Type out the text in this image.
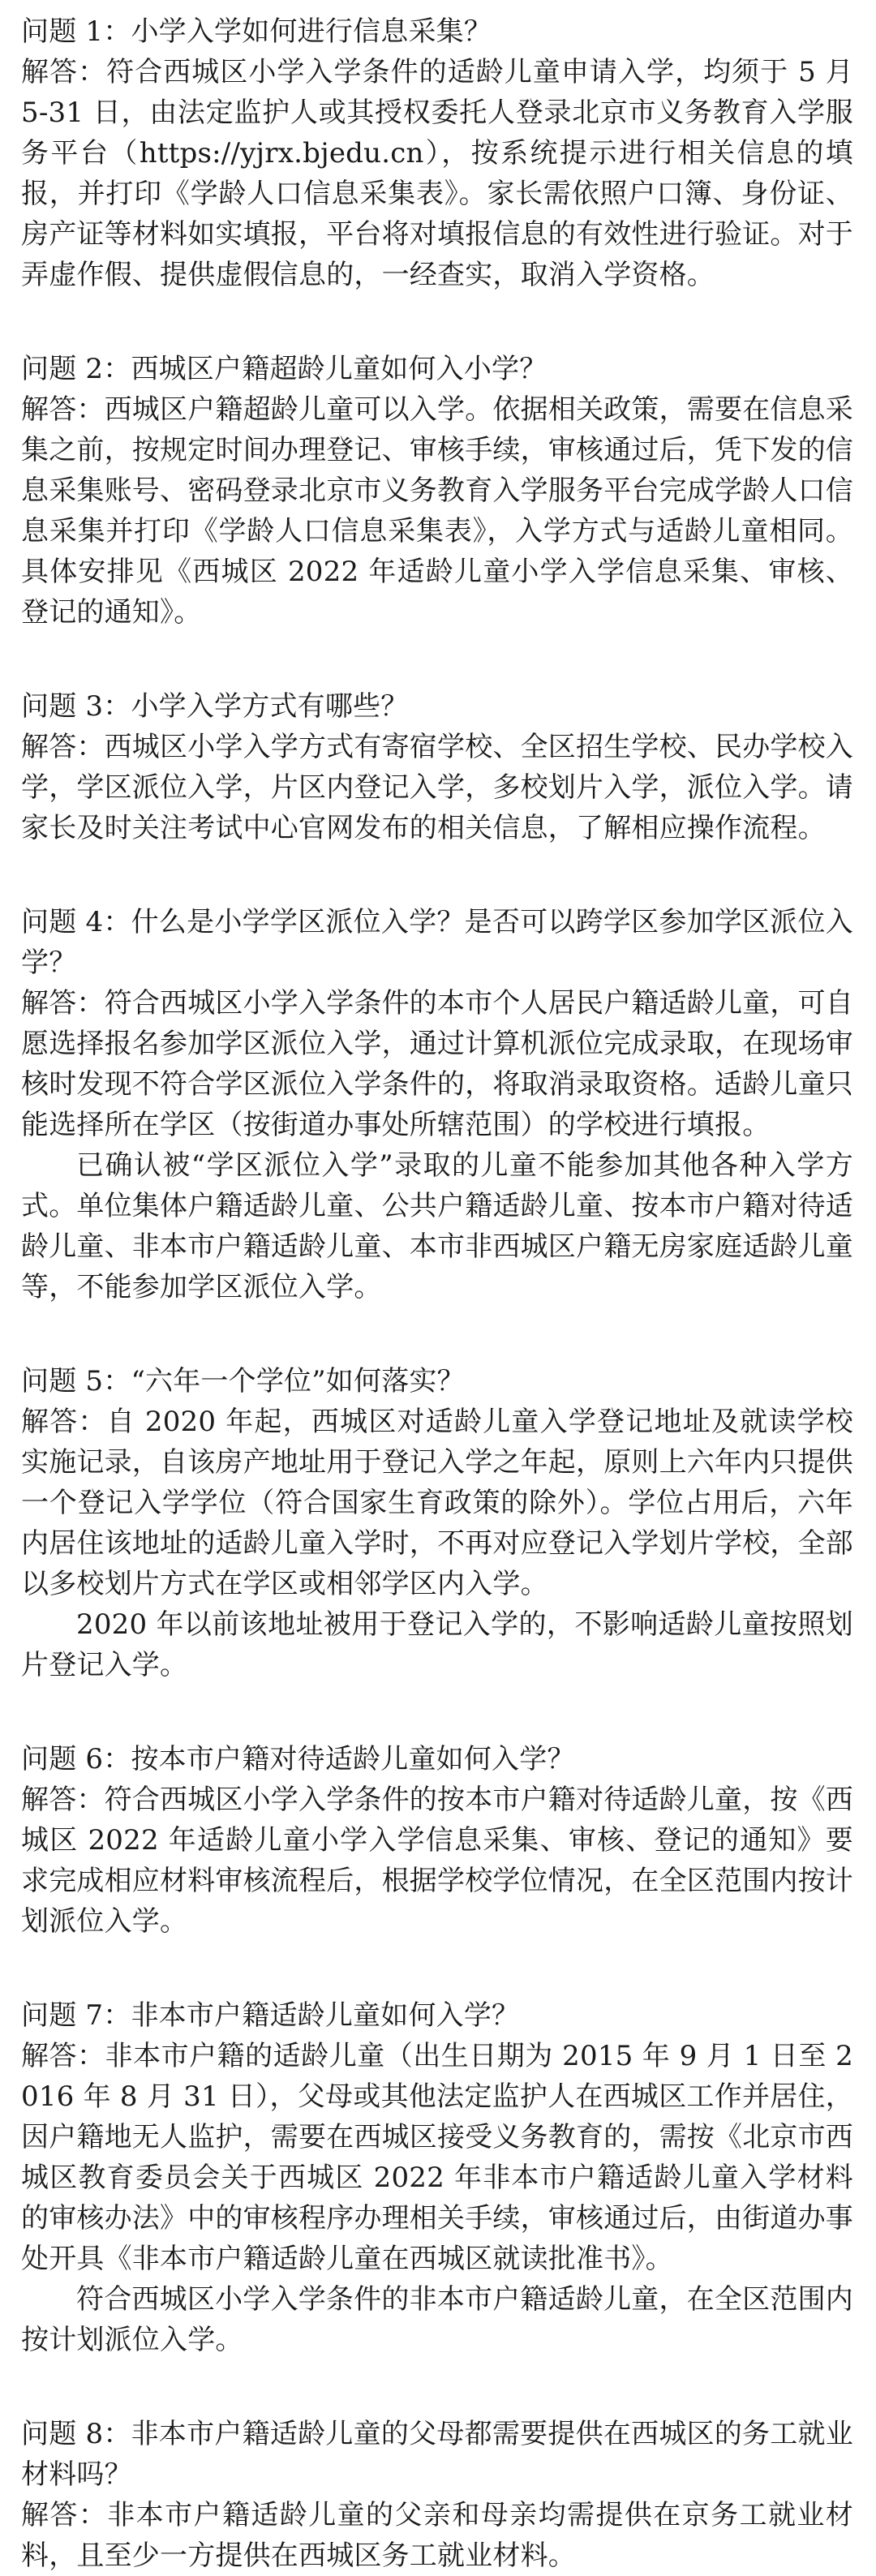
问题 1：小学入学如何进行信息采集？

解答：符合西城区小学入学条件的适龄儿童申请入学，均须于 5 月 5-31 日，由法定监护人或其授权委托人登录北京市义务教育入学服务平台（https://yjrx.bjedu.cn），按系统提示进行相关信息的填报，并打印《学龄人口信息采集表》。家长需依照户口簿、身份证、房产证等材料如实填报，平台将对填报信息的有效性进行验证。对于弄虚作假、提供虚假信息的，一经查实，取消入学资格。

问题 2：西城区户籍超龄儿童如何入小学？

解答：西城区户籍超龄儿童可以入学。依据相关政策，需要在信息采集之前，按规定时间办理登记、审核手续，审核通过后，凭下发的信息采集账号、密码登录北京市义务教育入学服务平台完成学龄人口信息采集并打印《学龄人口信息采集表》，入学方式与适龄儿童相同。具体安排见《西城区 2022 年适龄儿童小学入学信息采集、审核、登记的通知》。

问题 3：小学入学方式有哪些？

解答：西城区小学入学方式有寄宿学校、全区招生学校、民办学校入学，学区派位入学，片区内登记入学，多校划片入学，派位入学。请家长及时关注考试中心官网发布的相关信息，了解相应操作流程。

问题 4：什么是小学学区派位入学？是否可以跨学区参加学区派位入学？

解答：符合西城区小学入学条件的本市个人居民户籍适龄儿童，可自愿选择报名参加学区派位入学，通过计算机派位完成录取，在现场审核时发现不符合学区派位入学条件的，将取消录取资格。适龄儿童只能选择所在学区（按街道办事处所辖范围）的学校进行填报。

已确认被“学区派位入学”录取的儿童不能参加其他各种入学方式。单位集体户籍适龄儿童、公共户籍适龄儿童、按本市户籍对待适龄儿童、非本市户籍适龄儿童、本市非西城区户籍无房家庭适龄儿童等，不能参加学区派位入学。

问题 5：“六年一个学位”如何落实？

解答：自 2020 年起，西城区对适龄儿童入学登记地址及就读学校实施记录，自该房产地址用于登记入学之年起，原则上六年内只提供一个登记入学学位（符合国家生育政策的除外）。学位占用后，六年内居住该地址的适龄儿童入学时，不再对应登记入学划片学校，全部以多校划片方式在学区或相邻学区内入学。

2020 年以前该地址被用于登记入学的，不影响适龄儿童按照划片登记入学。

问题 6：按本市户籍对待适龄儿童如何入学？

解答：符合西城区小学入学条件的按本市户籍对待适龄儿童，按《西城区 2022 年适龄儿童小学入学信息采集、审核、登记的通知》要求完成相应材料审核流程后，根据学校学位情况，在全区范围内按计划派位入学。

问题 7：非本市户籍适龄儿童如何入学？

解答：非本市户籍的适龄儿童（出生日期为 2015 年 9 月 1 日至 2016 年 8 月 31 日），父母或其他法定监护人在西城区工作并居住，因户籍地无人监护，需要在西城区接受义务教育的，需按《北京市西城区教育委员会关于西城区 2022 年非本市户籍适龄儿童入学材料的审核办法》中的审核程序办理相关手续，审核通过后，由街道办事处开具《非本市户籍适龄儿童在西城区就读批准书》。

符合西城区小学入学条件的非本市户籍适龄儿童，在全区范围内按计划派位入学。

问题 8：非本市户籍适龄儿童的父母都需要提供在西城区的务工就业材料吗？

解答：非本市户籍适龄儿童的父亲和母亲均需提供在京务工就业材料，且至少一方提供在西城区务工就业材料。
